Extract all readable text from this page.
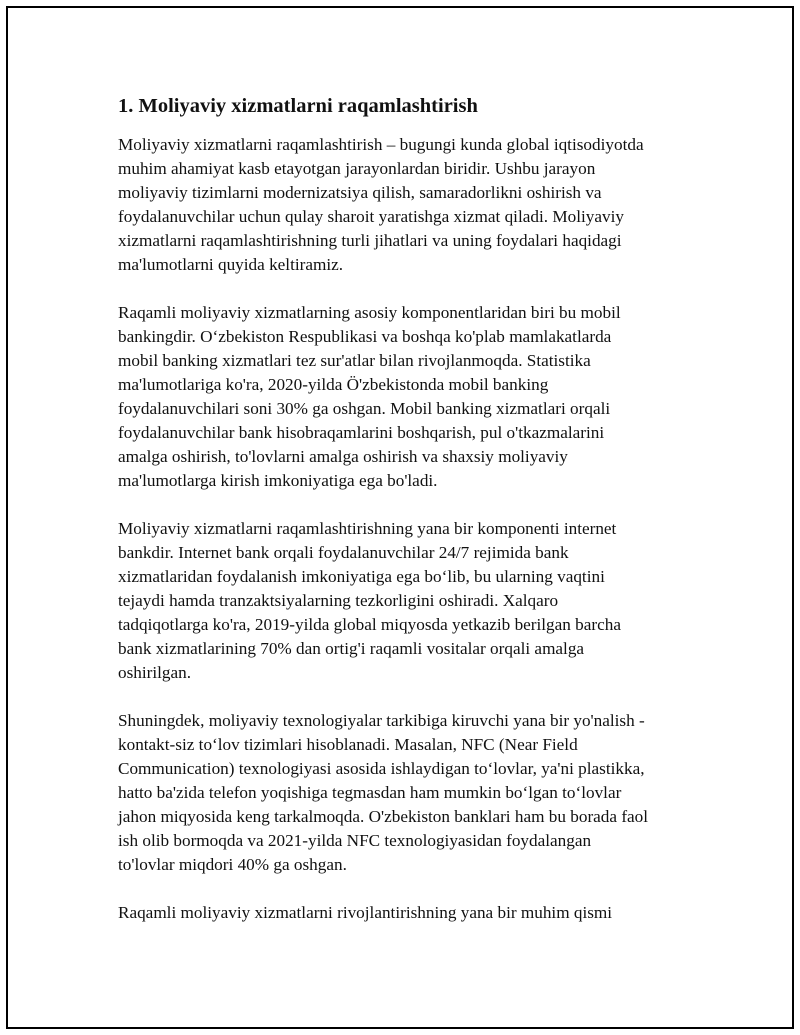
1. Moliyaviy xizmatlarni raqamlashtirish

Moliyaviy xizmatlarni raqamlashtirish – bugungi kunda global iqtisodiyotda
muhim ahamiyat kasb etayotgan jarayonlardan biridir. Ushbu jarayon
moliyaviy tizimlarni modernizatsiya qilish, samaradorlikni oshirish va
foydalanuvchilar uchun qulay sharoit yaratishga xizmat qiladi. Moliyaviy
xizmatlarni raqamlashtirishning turli jihatlari va uning foydalari haqidagi
ma'lumotlarni quyida keltiramiz.

Raqamli moliyaviy xizmatlarning asosiy komponentlaridan biri bu mobil
bankingdir. O‘zbekiston Respublikasi va boshqa ko'plab mamlakatlarda
mobil banking xizmatlari tez sur'atlar bilan rivojlanmoqda. Statistika
ma'lumotlariga ko'ra, 2020-yilda Ö'zbekistonda mobil banking
foydalanuvchilari soni 30% ga oshgan. Mobil banking xizmatlari orqali
foydalanuvchilar bank hisobraqamlarini boshqarish, pul o'tkazmalarini
amalga oshirish, to'lovlarni amalga oshirish va shaxsiy moliyaviy
ma'lumotlarga kirish imkoniyatiga ega bo'ladi.

Moliyaviy xizmatlarni raqamlashtirishning yana bir komponenti internet
bankdir. Internet bank orqali foydalanuvchilar 24/7 rejimida bank
xizmatlaridan foydalanish imkoniyatiga ega bo‘lib, bu ularning vaqtini
tejaydi hamda tranzaktsiyalarning tezkorligini oshiradi. Xalqaro
tadqiqotlarga ko'ra, 2019-yilda global miqyosda yetkazib berilgan barcha
bank xizmatlarining 70% dan ortig'i raqamli vositalar orqali amalga
oshirilgan.

Shuningdek, moliyaviy texnologiyalar tarkibiga kiruvchi yana bir yo'nalish -
kontakt-siz to‘lov tizimlari hisoblanadi. Masalan, NFC (Near Field
Communication) texnologiyasi asosida ishlaydigan to‘lovlar, ya'ni plastikka,
hatto ba'zida telefon yoqishiga tegmasdan ham mumkin bo‘lgan to‘lovlar
jahon miqyosida keng tarkalmoqda. O'zbekiston banklari ham bu borada faol
ish olib bormoqda va 2021-yilda NFC texnologiyasidan foydalangan
to'lovlar miqdori 40% ga oshgan.

Raqamli moliyaviy xizmatlarni rivojlantirishning yana bir muhim qismi
